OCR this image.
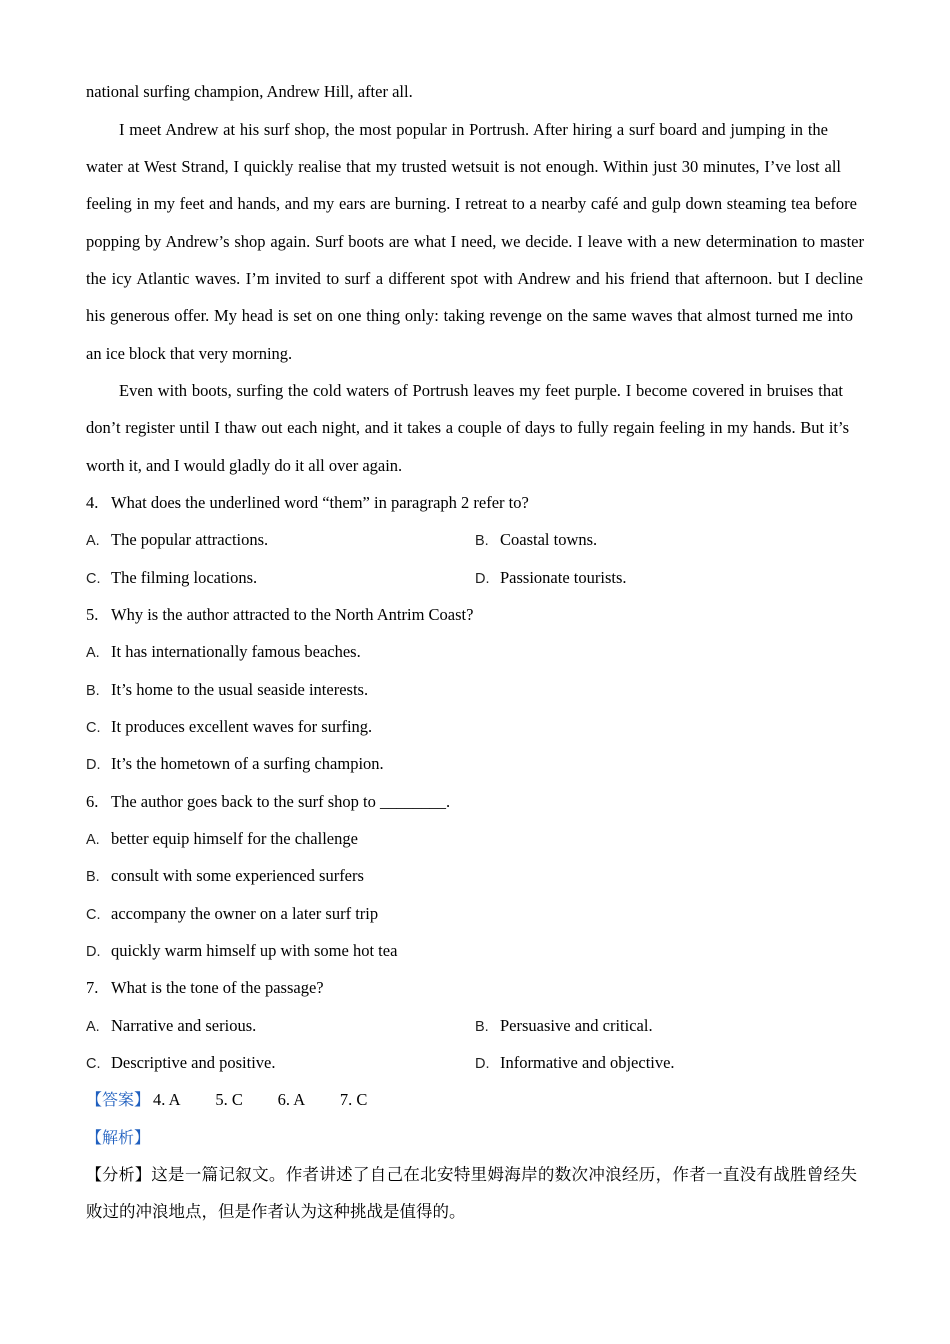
national surfing champion, Andrew Hill, after all.
I meet Andrew at his surf shop, the most popular in Portrush. After hiring a surf board and jumping in the
water at West Strand, I quickly realise that my trusted wetsuit is not enough. Within just 30 minutes, I’ve lost all
feeling in my feet and hands, and my ears are burning. I retreat to a nearby café and gulp down steaming tea before
popping by Andrew’s shop again. Surf boots are what I need, we decide. I leave with a new determination to master
the icy Atlantic waves. I’m invited to surf a different spot with Andrew and his friend that afternoon. but I decline
his generous offer. My head is set on one thing only: taking revenge on the same waves that almost turned me into
an ice block that very morning.
Even with boots, surfing the cold waters of Portrush leaves my feet purple. I become covered in bruises that
don’t register until I thaw out each night, and it takes a couple of days to fully regain feeling in my hands. But it’s
worth it, and I would gladly do it all over again.
4. What does the underlined word “them” in paragraph 2 refer to?
A. The popular attractions.	B. Coastal towns.
C. The filming locations.	D. Passionate tourists.
5. Why is the author attracted to the North Antrim Coast?
A. It has internationally famous beaches.
B. It’s home to the usual seaside interests.
C. It produces excellent waves for surfing.
D. It’s the hometown of a surfing champion.
6. The author goes back to the surf shop to ________.
A. better equip himself for the challenge
B. consult with some experienced surfers
C. accompany the owner on a later surf trip
D. quickly warm himself up with some hot tea
7. What is the tone of the passage?
A. Narrative and serious.	B. Persuasive and critical.
C. Descriptive and positive.	D. Informative and objective.
【答案】 4. A 5. C 6. A 7. C
【解析】
【分析】这是一篇记叙文。作者讲述了自己在北安特里姆海岸的数次冲浪经历，作者一直没有战胜曾经失
败过的冲浪地点，但是作者认为这种挑战是值得的。
